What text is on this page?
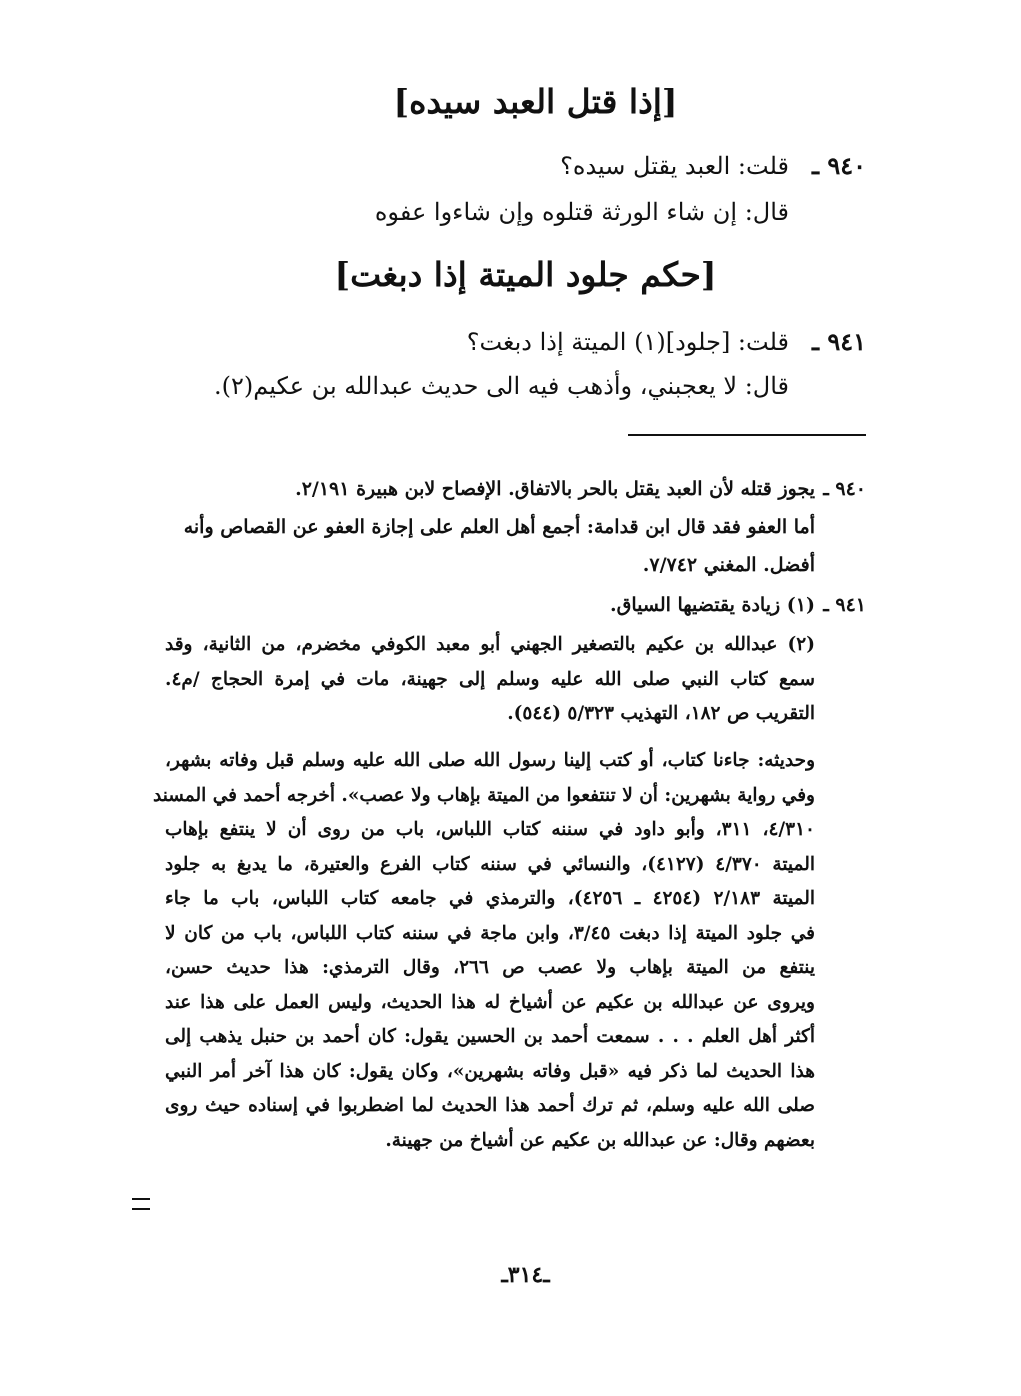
[إذا قتل العبد سيده]
٩٤٠ ـ
قلت: العبد يقتل سيده؟
قال: إن شاء الورثة قتلوه وإن شاءوا عفوه
[حكم جلود الميتة إذا دبغت]
٩٤١ ـ
قلت: [جلود](١) الميتة إذا دبغت؟
قال: لا يعجبني، وأذهب فيه الى حديث عبدالله بن عكيم(٢).
٩٤٠ ـ
يجوز قتله لأن العبد يقتل بالحر بالاتفاق. الإفصاح لابن هبيرة ٢/١٩١.
أما العفو فقد قال ابن قدامة: أجمع أهل العلم على إجازة العفو عن القصاص وأنه
أفضل. المغني ٧/٧٤٢.
٩٤١ ـ
(١) زيادة يقتضيها السياق.
(٢) عبدالله بن عكيم بالتصغير الجهني أبو معبد الكوفي مخضرم، من الثانية، وقد
سمع كتاب النبي صلى الله عليه وسلم إلى جهينة، مات في إمرة الحجاج /م٤.
التقريب ص ١٨٢، التهذيب ٥/٣٢٣ (٥٤٤).
وحديثه: جاءنا كتاب، أو كتب إلينا رسول الله صلى الله عليه وسلم قبل وفاته بشهر،
وفي رواية بشهرين: أن لا تنتفعوا من الميتة بإهاب ولا عصب». أخرجه أحمد في المسند
٤/٣١٠، ٣١١، وأبو داود في سننه كتاب اللباس، باب من روى أن لا ينتفع بإهاب
الميتة ٤/٣٧٠ (٤١٢٧)، والنسائي في سننه كتاب الفرع والعتيرة، ما يدبغ به جلود
الميتة ٢/١٨٣ (٤٢٥٤ ـ ٤٢٥٦)، والترمذي في جامعه كتاب اللباس، باب ما جاء
في جلود الميتة إذا دبغت ٣/٤٥، وابن ماجة في سننه كتاب اللباس، باب من كان لا
ينتفع من الميتة بإهاب ولا عصب ص ٢٦٦، وقال الترمذي: هذا حديث حسن،
ويروى عن عبدالله بن عكيم عن أشياخ له هذا الحديث، وليس العمل على هذا عند
أكثر أهل العلم . . . سمعت أحمد بن الحسين يقول: كان أحمد بن حنبل يذهب إلى
هذا الحديث لما ذكر فيه «قبل وفاته بشهرين»، وكان يقول: كان هذا آخر أمر النبي
صلى الله عليه وسلم، ثم ترك أحمد هذا الحديث لما اضطربوا في إسناده حيث روى
بعضهم وقال: عن عبدالله بن عكيم عن أشياخ من جهينة.
ـ٣١٤ـ
